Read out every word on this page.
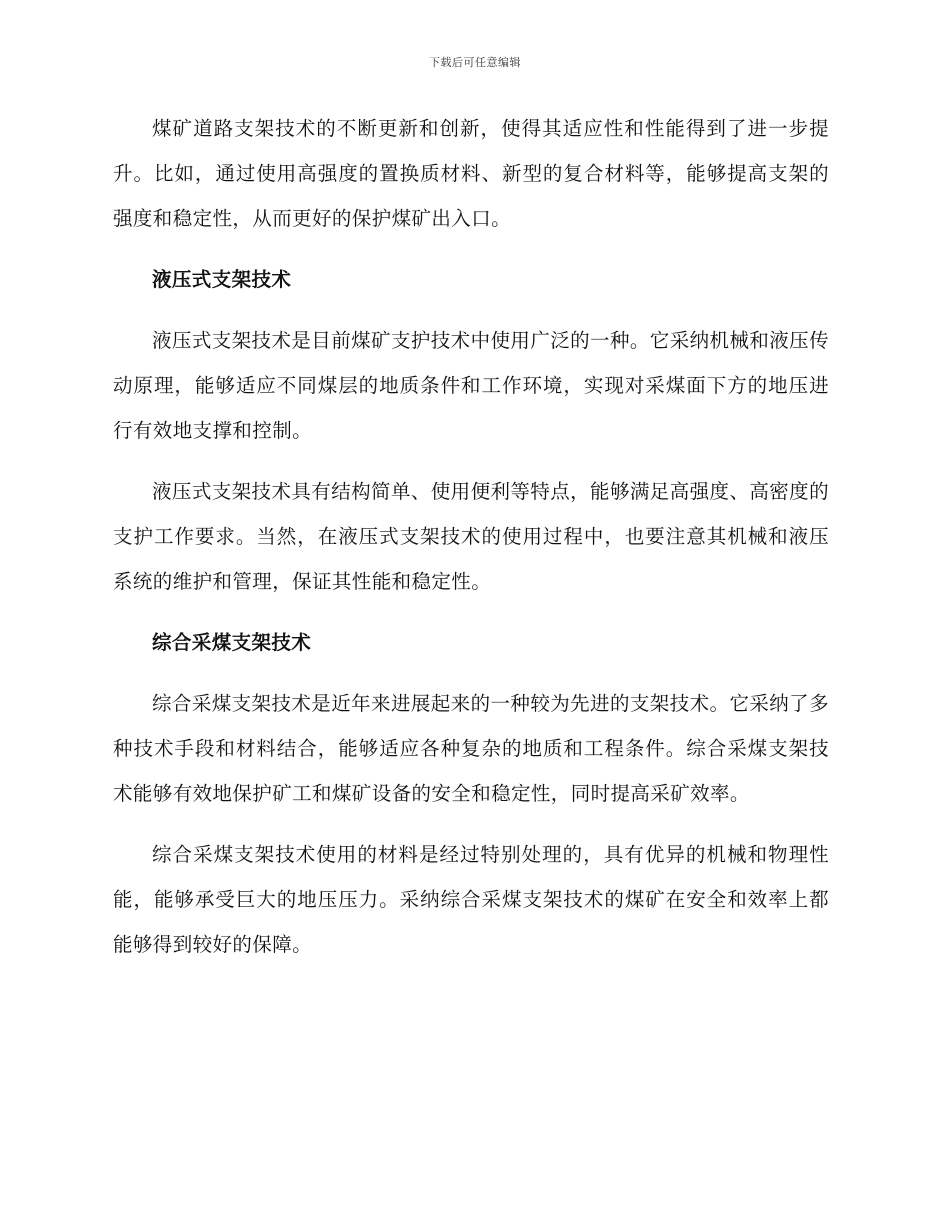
下载后可任意编辑

煤矿道路支架技术的不断更新和创新，使得其适应性和性能得到了进一步提升。比如，通过使用高强度的置换质材料、新型的复合材料等，能够提高支架的强度和稳定性，从而更好的保护煤矿出入口。

液压式支架技术

液压式支架技术是目前煤矿支护技术中使用广泛的一种。它采纳机械和液压传动原理，能够适应不同煤层的地质条件和工作环境，实现对采煤面下方的地压进行有效地支撑和控制。

液压式支架技术具有结构简单、使用便利等特点，能够满足高强度、高密度的支护工作要求。当然，在液压式支架技术的使用过程中，也要注意其机械和液压系统的维护和管理，保证其性能和稳定性。

综合采煤支架技术

综合采煤支架技术是近年来进展起来的一种较为先进的支架技术。它采纳了多种技术手段和材料结合，能够适应各种复杂的地质和工程条件。综合采煤支架技术能够有效地保护矿工和煤矿设备的安全和稳定性，同时提高采矿效率。

综合采煤支架技术使用的材料是经过特别处理的，具有优异的机械和物理性能，能够承受巨大的地压压力。采纳综合采煤支架技术的煤矿在安全和效率上都能够得到较好的保障。
